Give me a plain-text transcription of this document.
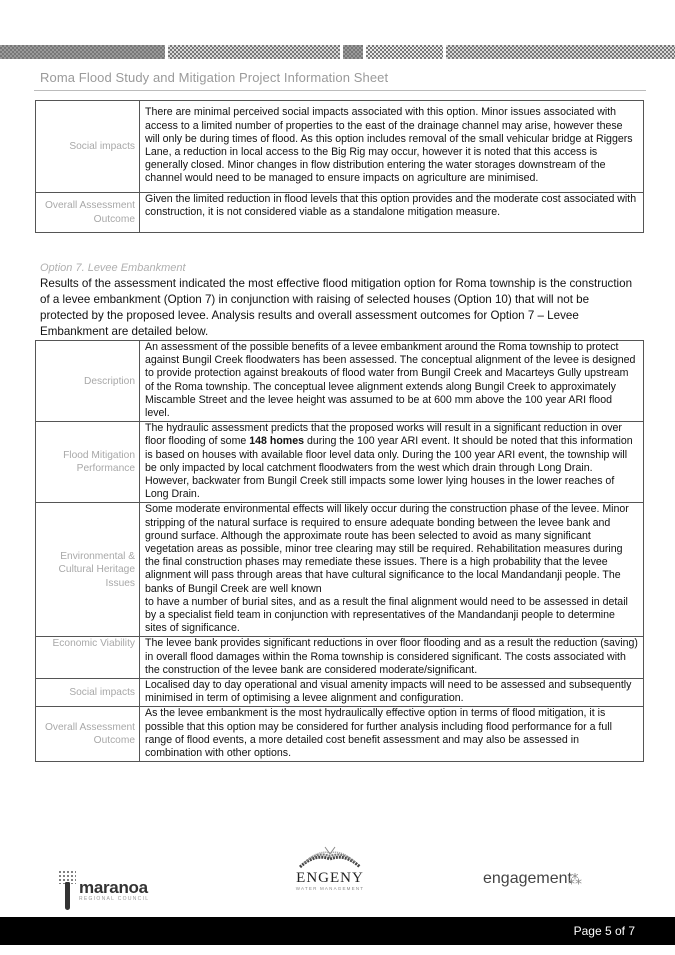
Roma Flood Study and Mitigation Project Information Sheet
Social impacts	There are minimal perceived social impacts associated with this option. Minor issues associated with access to a limited number of properties to the east of the drainage channel may arise, however these will only be during times of flood. As this option includes removal of the small vehicular bridge at Riggers Lane, a reduction in local access to the Big Rig may occur, however it is noted that this access is generally closed. Minor changes in flow distribution entering the water storages downstream of the channel would need to be managed to ensure impacts on agriculture are minimised.
Overall Assessment Outcome	Given the limited reduction in flood levels that this option provides and the moderate cost associated with construction, it is not considered viable as a standalone mitigation measure.
Option 7. Levee Embankment
Results of the assessment indicated the most effective flood mitigation option for Roma township is the construction of a levee embankment (Option 7) in conjunction with raising of selected houses (Option 10) that will not be protected by the proposed levee. Analysis results and overall assessment outcomes for Option 7 – Levee Embankment are detailed below.
Description	An assessment of the possible benefits of a levee embankment around the Roma township to protect against Bungil Creek floodwaters has been assessed. The conceptual alignment of the levee is designed to provide protection against breakouts of flood water from Bungil Creek and Macarteys Gully upstream of the Roma township. The conceptual levee alignment extends along Bungil Creek to approximately Miscamble Street and the levee height was assumed to be at 600 mm above the 100 year ARI flood level.
Flood Mitigation Performance	The hydraulic assessment predicts that the proposed works will result in a significant reduction in over floor flooding of some 148 homes during the 100 year ARI event. It should be noted that this information is based on houses with available floor level data only. During the 100 year ARI event, the township will be only impacted by local catchment floodwaters from the west which drain through Long Drain. However, backwater from Bungil Creek still impacts some lower lying houses in the lower reaches of Long Drain.
Environmental & Cultural Heritage Issues	Some moderate environmental effects will likely occur during the construction phase of the levee. Minor stripping of the natural surface is required to ensure adequate bonding between the levee bank and ground surface. Although the approximate route has been selected to avoid as many significant vegetation areas as possible, minor tree clearing may still be required. Rehabilitation measures during the final construction phases may remediate these issues. There is a high probability that the levee alignment will pass through areas that have cultural significance to the local Mandandanji people. The banks of Bungil Creek are well known
to have a number of burial sites, and as a result the final alignment would need to be assessed in detail by a specialist field team in conjunction with representatives of the Mandandanji people to determine sites of significance.
Economic Viability	The levee bank provides significant reductions in over floor flooding and as a result the reduction (saving) in overall flood damages within the Roma township is considered significant. The costs associated with the construction of the levee bank are considered moderate/significant.
Social impacts	Localised day to day operational and visual amenity impacts will need to be assessed and subsequently minimised in term of optimising a levee alignment and configuration.
Overall Assessment Outcome	As the levee embankment is the most hydraulically effective option in terms of flood mitigation, it is possible that this option may be considered for further analysis including flood performance for a full range of flood events, a more detailed cost benefit assessment and may also be assessed in combination with other options.
maranoa
REGIONAL COUNCIL
ENGENY
WATER MANAGEMENT
engagement
⁂
Page 5 of 7
